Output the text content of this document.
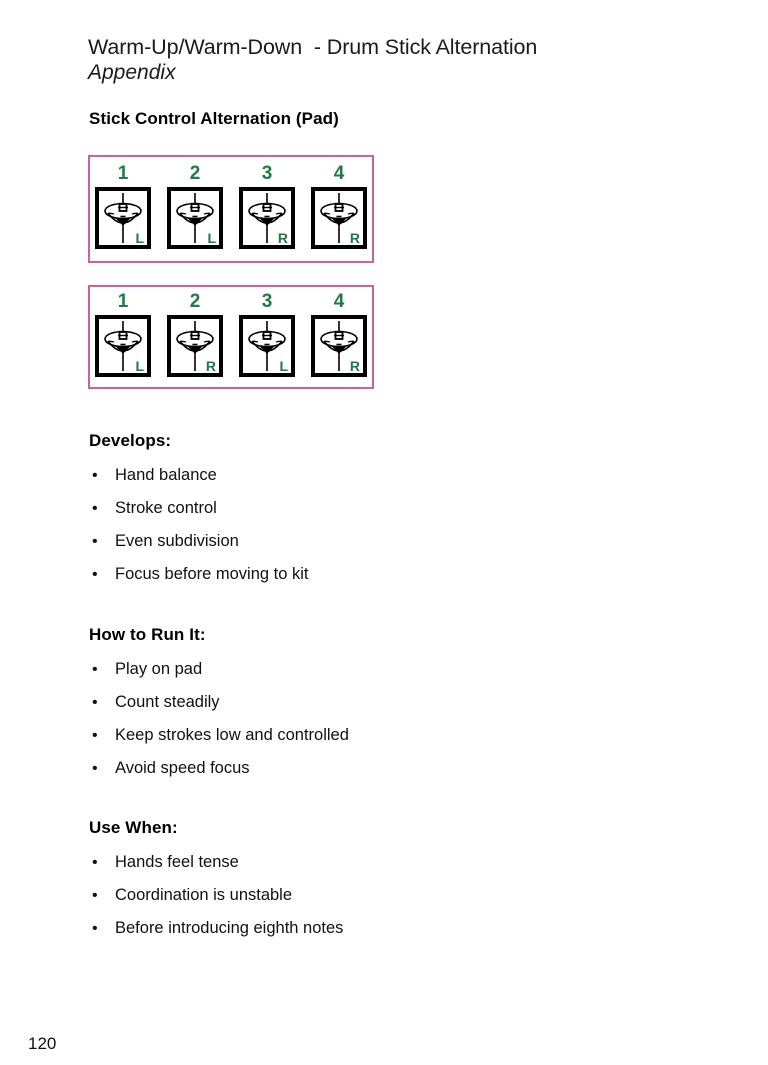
Warm-Up/Warm-Down  - Drum Stick Alternation
Appendix
Stick Control Alternation (Pad)
1
L
2
L
3
R
4
R
1
L
2
R
3
L
4
R
Develops:
• Hand balance
• Stroke control
• Even subdivision
• Focus before moving to kit
How to Run It:
• Play on pad
• Count steadily
• Keep strokes low and controlled
• Avoid speed focus
Use When:
• Hands feel tense
• Coordination is unstable
• Before introducing eighth notes
120
